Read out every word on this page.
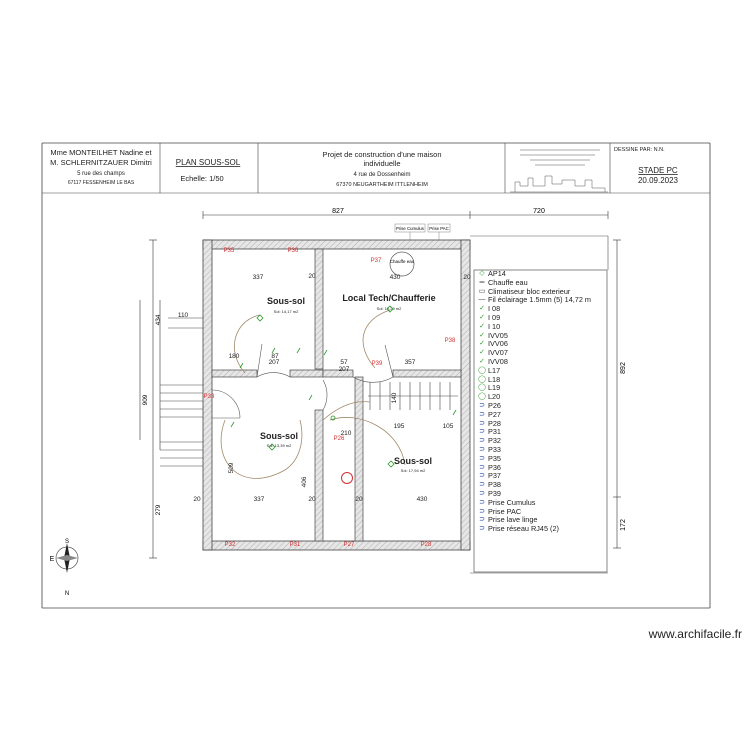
Mme MONTEILHET Nadine et
M. SCHLERNITZAUER Dimitri
5 rue des champs
67117 FESSENHEIM LE BAS
PLAN SOUS-SOL
Echelle: 1/50
Projet de construction d'une maison
individuelle
4 rue de Dossenheim
67370 NEUGARTHEIM ITTLENHEIM
DESSINE PAR: N.N.
STADE PC
20.09.2023
827	720
892
172
434
909
279
Chauffe eau
Prise Cumulus Prise PAC
Sous-sol
Sol: 14,17 m2
Local Tech/Chaufferie
Sol: 15,29 m2
Sous-sol
Sol: 13,39 m2
Sous-sol
Sol: 17,94 m2
337	430
180	87
207	57
207
357
337	430
195	105
210
110
20
20	20	20
20
509
406
140
P35	P36
P37
P38
P39
P26
P27	P28
P31
P32
P33
E
S
N
◇ AP14
═ Chauffe eau
▭ Climatiseur bloc exterieur
— Fil éclairage 1.5mm (5) 14,72 m
✓ I 08
✓ I 09
✓ I 10
✓ IVV05
✓ IVV06
✓ IVV07
✓ IVV08
◯ L17
◯ L18
◯ L19
◯ L20
⊃ P26
⊃ P27
⊃ P28
⊃ P31
⊃ P32
⊃ P33
⊃ P35
⊃ P36
⊃ P37
⊃ P38
⊃ P39
⊃ Prise Cumulus
⊃ Prise PAC
⊃ Prise lave linge
⊃ Prise réseau RJ45 (2)
www.archifacile.fr
